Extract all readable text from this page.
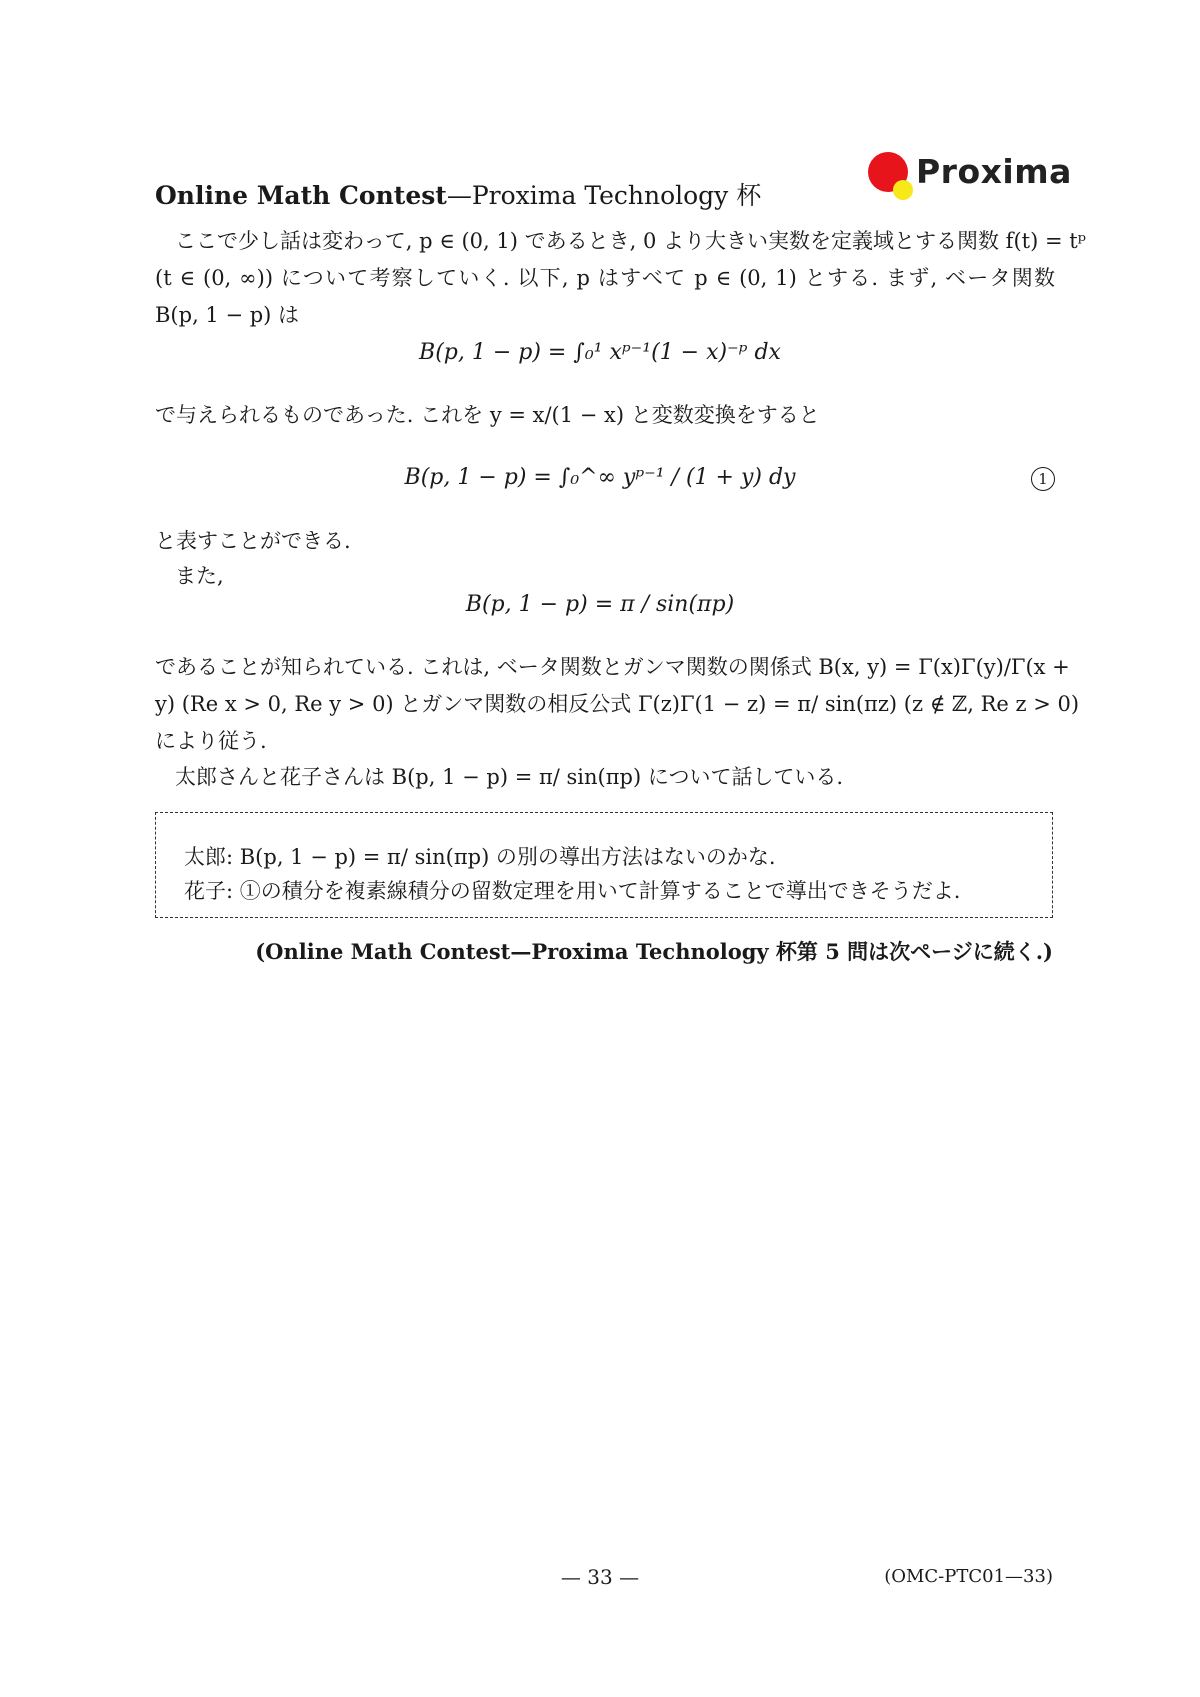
Online Math Contest—Proxima Technology 杯
Proxima
ここで少し話は変わって, p ∈ (0, 1) であるとき, 0 より大きい実数を定義域とする関数 f(t) = tᵖ
(t ∈ (0, ∞)) について考察していく. 以下, p はすべて p ∈ (0, 1) とする. まず, ベータ関数
B(p, 1 − p) は
B(p, 1 − p) = ∫₀¹ xᵖ⁻¹(1 − x)⁻ᵖ dx
で与えられるものであった. これを y = x/(1 − x) と変数変換をすると
B(p, 1 − p) = ∫₀^∞ yᵖ⁻¹ / (1 + y) dy	1
と表すことができる.
また,
B(p, 1 − p) = π / sin(πp)
であることが知られている. これは, ベータ関数とガンマ関数の関係式 B(x, y) = Γ(x)Γ(y)/Γ(x +
y) (Re x > 0, Re y > 0) とガンマ関数の相反公式 Γ(z)Γ(1 − z) = π/ sin(πz) (z ∉ ℤ, Re z > 0)
により従う.
太郎さんと花子さんは B(p, 1 − p) = π/ sin(πp) について話している.
太郎: B(p, 1 − p) = π/ sin(πp) の別の導出方法はないのかな.
花子: ①の積分を複素線積分の留数定理を用いて計算することで導出できそうだよ.
(Online Math Contest—Proxima Technology 杯第 5 問は次ページに続く.)
— 33 —	(OMC-PTC01—33)
